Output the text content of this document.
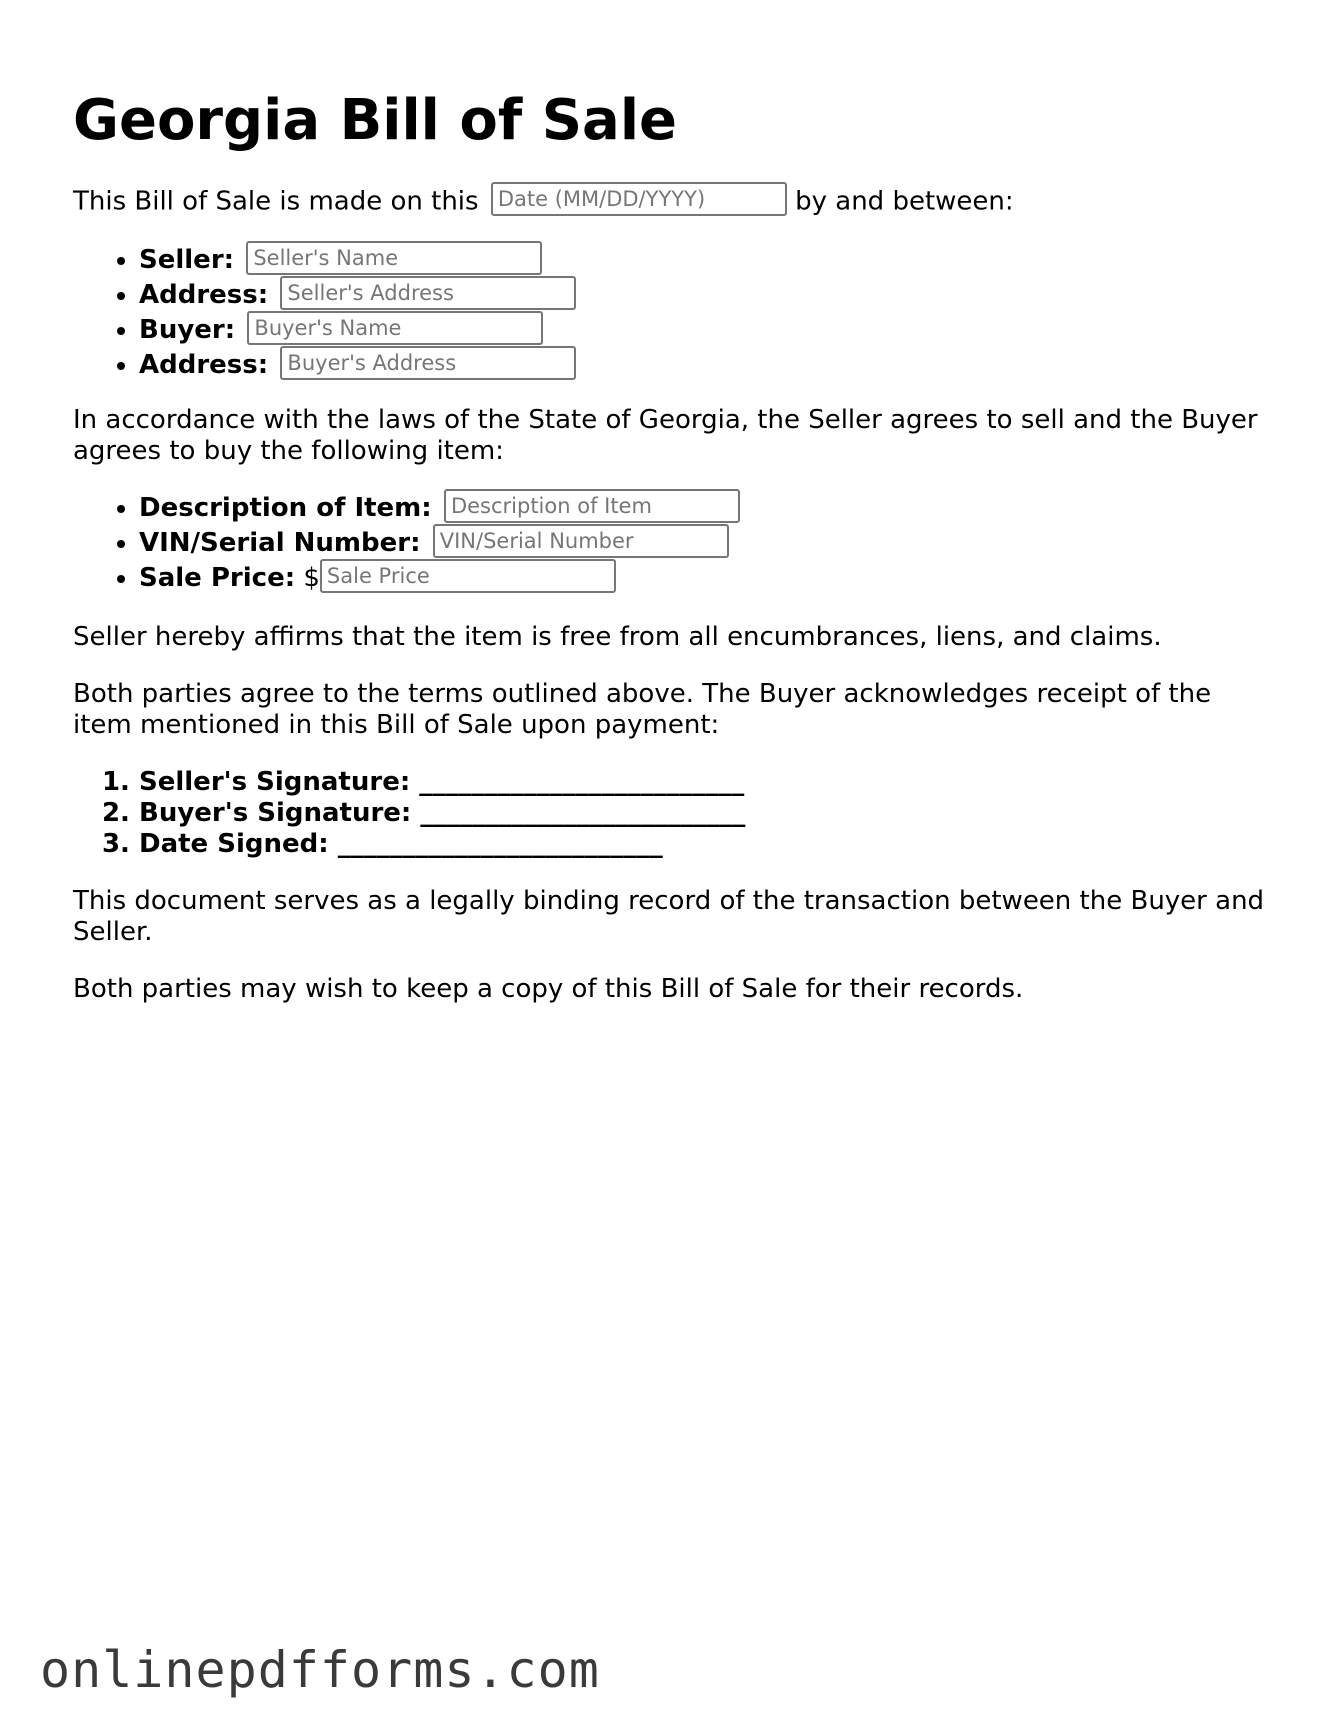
Georgia Bill of Sale

This Bill of Sale is made on this Date (MM/DD/YYYY)	by and between:

• Seller: Seller's Name
• Address: Seller's Address
• Buyer: Buyer's Name
• Address: Buyer's Address

In accordance with the laws of the State of Georgia, the Seller agrees to sell and the Buyer agrees to buy the following item:

• Description of Item: Description of Item
• VIN/Serial Number: VIN/Serial Number
• Sale Price: $Sale Price

Seller hereby affirms that the item is free from all encumbrances, liens, and claims.

Both parties agree to the terms outlined above. The Buyer acknowledges receipt of the item mentioned in this Bill of Sale upon payment:

1. Seller's Signature: _________________________
2. Buyer's Signature: _________________________
3. Date Signed: _________________________

This document serves as a legally binding record of the transaction between the Buyer and Seller.

Both parties may wish to keep a copy of this Bill of Sale for their records.

onlinepdfforms.com
